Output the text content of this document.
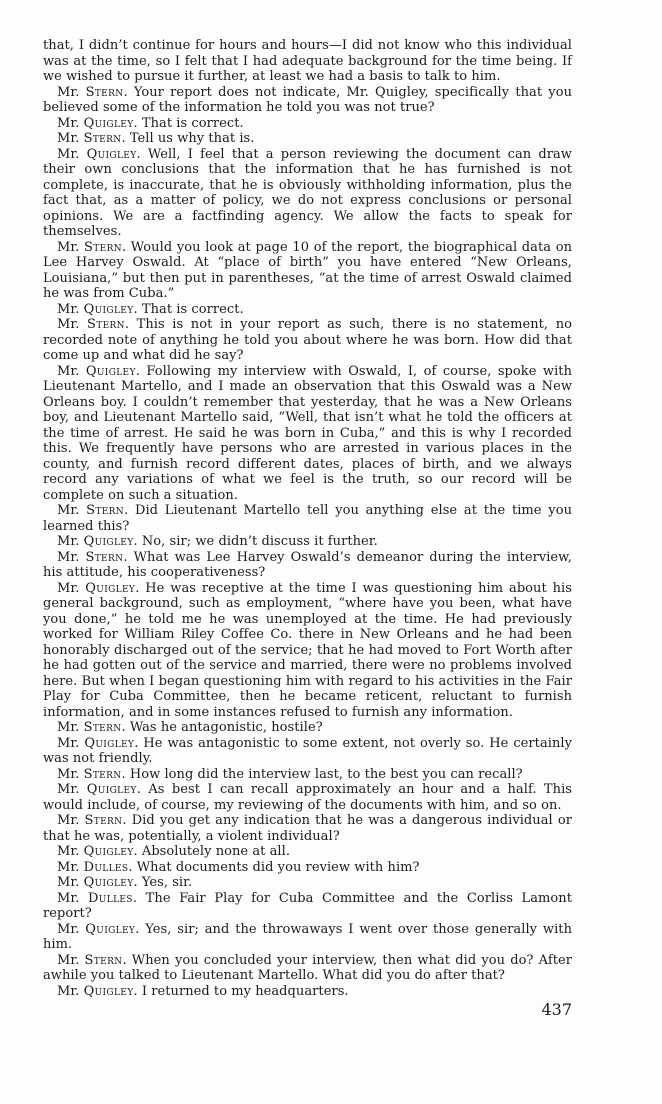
that, I didn’t continue for hours and hours—I did not know who this individual was at the time, so I felt that I had adequate background for the time being. If we wished to pursue it further, at least we had a basis to talk to him.

Mr. Stern. Your report does not indicate, Mr. Quigley, specifically that you believed some of the information he told you was not true?

Mr. Quigley. That is correct.

Mr. Stern. Tell us why that is.

Mr. Quigley. Well, I feel that a person reviewing the document can draw their own conclusions that the information that he has furnished is not complete, is inaccurate, that he is obviously withholding information, plus the fact that, as a matter of policy, we do not express conclusions or personal opinions. We are a factfinding agency. We allow the facts to speak for themselves.

Mr. Stern. Would you look at page 10 of the report, the biographical data on Lee Harvey Oswald. At “place of birth” you have entered “New Orleans, Louisiana,” but then put in parentheses, “at the time of arrest Oswald claimed he was from Cuba.”

Mr. Quigley. That is correct.

Mr. Stern. This is not in your report as such, there is no statement, no recorded note of anything he told you about where he was born. How did that come up and what did he say?

Mr. Quigley. Following my interview with Oswald, I, of course, spoke with Lieutenant Martello, and I made an observation that this Oswald was a New Orleans boy. I couldn’t remember that yesterday, that he was a New Orleans boy, and Lieutenant Martello said, “Well, that isn’t what he told the officers at the time of arrest. He said he was born in Cuba,” and this is why I recorded this. We frequently have persons who are arrested in various places in the county, and furnish record different dates, places of birth, and we always record any variations of what we feel is the truth, so our record will be complete on such a situation.

Mr. Stern. Did Lieutenant Martello tell you anything else at the time you learned this?

Mr. Quigley. No, sir; we didn’t discuss it further.

Mr. Stern. What was Lee Harvey Oswald’s demeanor during the interview, his attitude, his cooperativeness?

Mr. Quigley. He was receptive at the time I was questioning him about his general background, such as employment, “where have you been, what have you done,” he told me he was unemployed at the time. He had previously worked for William Riley Coffee Co. there in New Orleans and he had been honorably discharged out of the service; that he had moved to Fort Worth after he had gotten out of the service and married, there were no problems involved here. But when I began questioning him with regard to his activities in the Fair Play for Cuba Committee, then he became reticent, reluctant to furnish information, and in some instances refused to furnish any information.

Mr. Stern. Was he antagonistic, hostile?

Mr. Quigley. He was antagonistic to some extent, not overly so. He certainly was not friendly.

Mr. Stern. How long did the interview last, to the best you can recall?

Mr. Quigley. As best I can recall approximately an hour and a half. This would include, of course, my reviewing of the documents with him, and so on.

Mr. Stern. Did you get any indication that he was a dangerous individual or that he was, potentially, a violent individual?

Mr. Quigley. Absolutely none at all.

Mr. Dulles. What documents did you review with him?

Mr. Quigley. Yes, sir.

Mr. Dulles. The Fair Play for Cuba Committee and the Corliss Lamont report?

Mr. Quigley. Yes, sir; and the throwaways I went over those generally with him.

Mr. Stern. When you concluded your interview, then what did you do? After awhile you talked to Lieutenant Martello. What did you do after that?

Mr. Quigley. I returned to my headquarters.

437
